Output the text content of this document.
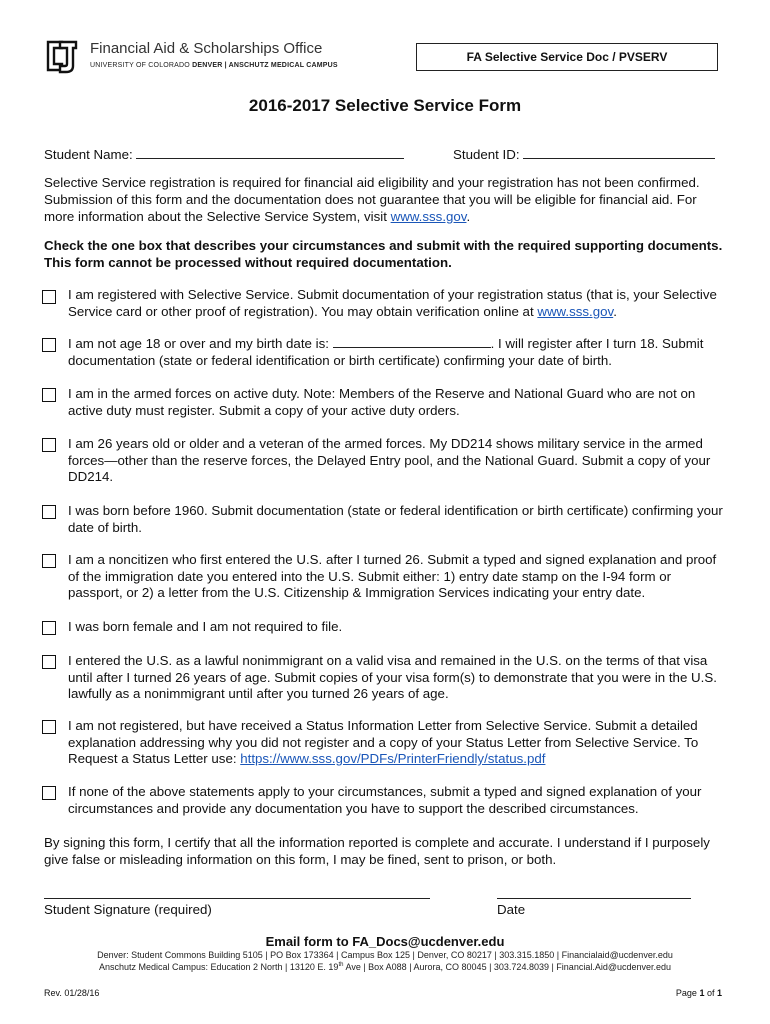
Financial Aid & Scholarships Office
UNIVERSITY OF COLORADO DENVER | ANSCHUTZ MEDICAL CAMPUS
FA Selective Service Doc / PVSERV
2016-2017 Selective Service Form
Student Name:	Student ID:
Selective Service registration is required for financial aid eligibility and your registration has not been confirmed. Submission of this form and the documentation does not guarantee that you will be eligible for financial aid. For more information about the Selective Service System, visit www.sss.gov.
Check the one box that describes your circumstances and submit with the required supporting documents. This form cannot be processed without required documentation.
I am registered with Selective Service. Submit documentation of your registration status (that is, your Selective Service card or other proof of registration). You may obtain verification online at www.sss.gov.
I am not age 18 or over and my birth date is:	. I will register after I turn 18. Submit documentation (state or federal identification or birth certificate) confirming your date of birth.
I am in the armed forces on active duty. Note: Members of the Reserve and National Guard who are not on active duty must register. Submit a copy of your active duty orders.
I am 26 years old or older and a veteran of the armed forces. My DD214 shows military service in the armed forces—other than the reserve forces, the Delayed Entry pool, and the National Guard. Submit a copy of your DD214.
I was born before 1960. Submit documentation (state or federal identification or birth certificate) confirming your date of birth.
I am a noncitizen who first entered the U.S. after I turned 26. Submit a typed and signed explanation and proof of the immigration date you entered into the U.S. Submit either: 1) entry date stamp on the I-94 form or passport, or 2) a letter from the U.S. Citizenship & Immigration Services indicating your entry date.
I was born female and I am not required to file.
I entered the U.S. as a lawful nonimmigrant on a valid visa and remained in the U.S. on the terms of that visa until after I turned 26 years of age. Submit copies of your visa form(s) to demonstrate that you were in the U.S. lawfully as a nonimmigrant until after you turned 26 years of age.
I am not registered, but have received a Status Information Letter from Selective Service. Submit a detailed explanation addressing why you did not register and a copy of your Status Letter from Selective Service. To Request a Status Letter use: https://www.sss.gov/PDFs/PrinterFriendly/status.pdf
If none of the above statements apply to your circumstances, submit a typed and signed explanation of your circumstances and provide any documentation you have to support the described circumstances.
By signing this form, I certify that all the information reported is complete and accurate. I understand if I purposely give false or misleading information on this form, I may be fined, sent to prison, or both.
Student Signature (required)	Date
Email form to FA_Docs@ucdenver.edu
Denver: Student Commons Building 5105 | PO Box 173364 | Campus Box 125 | Denver, CO 80217 | 303.315.1850 | Financialaid@ucdenver.edu
Anschutz Medical Campus: Education 2 North | 13120 E. 19th Ave | Box A088 | Aurora, CO 80045 | 303.724.8039 | Financial.Aid@ucdenver.edu
Rev. 01/28/16	Page 1 of 1
